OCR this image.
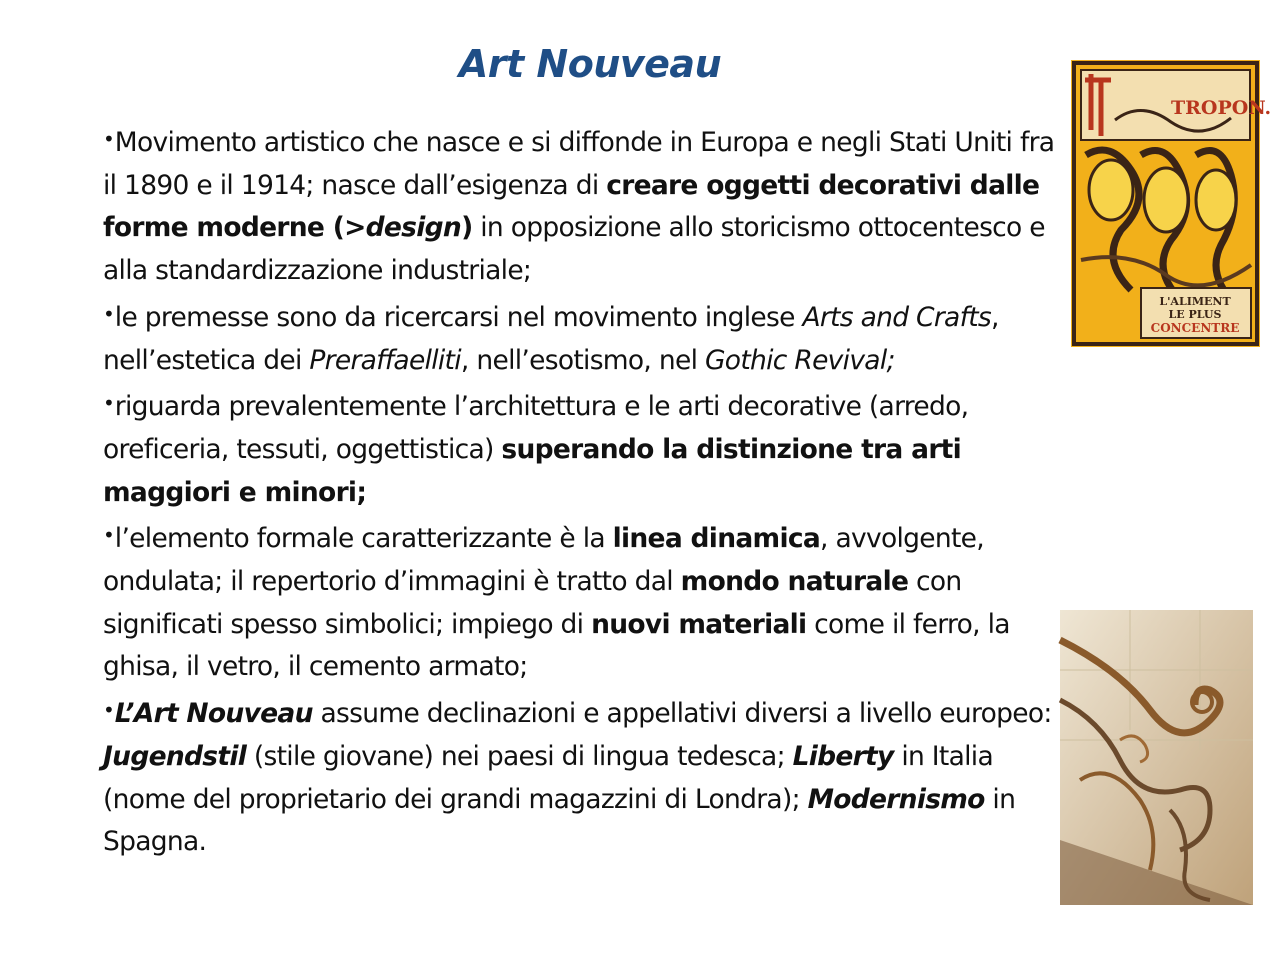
Art Nouveau

•Movimento artistico che nasce e si diffonde in Europa e negli Stati Uniti fra il 1890 e il 1914; nasce dall’esigenza di creare oggetti decorativi dalle forme moderne (>design) in opposizione allo storicismo ottocentesco e alla standardizzazione industriale;

•le premesse sono da ricercarsi nel movimento inglese Arts and Crafts, nell’estetica dei Preraffaelliti, nell’esotismo, nel Gothic Revival;

•riguarda prevalentemente l’architettura e le arti decorative (arredo, oreficeria, tessuti, oggettistica) superando la distinzione tra arti maggiori e minori;

•l’elemento formale caratterizzante è la linea dinamica, avvolgente, ondulata; il repertorio d’immagini è tratto dal mondo naturale con significati spesso simbolici; impiego di nuovi materiali come il ferro, la ghisa, il vetro, il cemento armato;

•L’Art Nouveau assume declinazioni e appellativi diversi a livello europeo: Jugendstil (stile giovane) nei paesi di lingua tedesca; Liberty in Italia (nome del proprietario dei grandi magazzini di Londra); Modernismo in Spagna.

TROPON.
L'ALIMENT
LE PLUS
CONCENTRE
